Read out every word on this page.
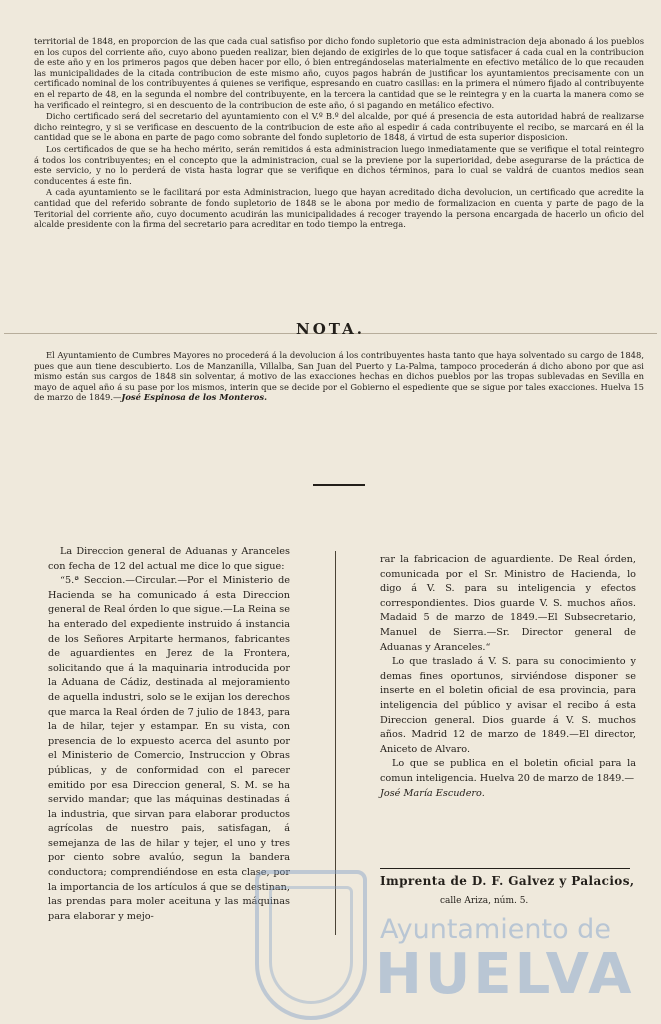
territorial de 1848, en proporcion de las que cada cual satisfiso por dicho fondo supletorio que esta administracion deja abonado á los pueblos en los cupos del corriente año, cuyo abono pueden realizar, bien dejando de exigirles de lo que toque satisfacer á cada cual en la contribucion de este año y en los primeros pagos que deben hacer por ello, ó bien entregándoselas materialmente en efectivo metálico de lo que recauden las municipalidades de la citada contribucion de este mismo año, cuyos pagos habrán de justificar los ayuntamientos precisamente con un certificado nominal de los contribuyentes á quienes se verifique, espresando en cuatro casillas: en la primera el número fijado al contribuyente en el reparto de 48, en la segunda el nombre del contribuyente, en la tercera la cantidad que se le reintegra y en la cuarta la manera como se ha verificado el reintegro, si en descuento de la contribucion de este año, ó si pagando en metálico efectivo.

Dicho certificado será del secretario del ayuntamiento con el V.º B.º del alcalde, por qué á presencia de esta autoridad habrá de realizarse dicho reintegro, y si se verificase en descuento de la contribucion de este año al espedir á cada contribuyente el recibo, se marcará en él la cantidad que se le abona en parte de pago como sobrante del fondo supletorio de 1848, á virtud de esta superior disposicion.

Los certificados de que se ha hecho mérito, serán remitidos á esta administracion luego inmediatamente que se verifique el total reintegro á todos los contribuyentes; en el concepto que la administracion, cual se la previene por la superioridad, debe asegurarse de la práctica de este servicio, y no lo perderá de vista hasta lograr que se verifique en dichos términos, para lo cual se valdrá de cuantos medios sean conducentes á este fin.

A cada ayuntamiento se le facilitará por esta Administracion, luego que hayan acreditado dicha devolucion, un certificado que acredite la cantidad que del referido sobrante de fondo supletorio de 1848 se le abona por medio de formalizacion en cuenta y parte de pago de la Teritorial del corriente año, cuyo documento acudirán las municipalidades á recoger trayendo la persona encargada de hacerlo un oficio del alcalde presidente con la firma del secretario para acreditar en todo tiempo la entrega.

NOTA.

El Ayuntamiento de Cumbres Mayores no procederá á la devolucion á los contribuyentes hasta tanto que haya solventado su cargo de 1848, pues que aun tiene descubierto. Los de Manzanilla, Villalba, San Juan del Puerto y La-Palma, tampoco procederán á dicho abono por que asi mismo están sus cargos de 1848 sin solventar, á motivo de las exacciones hechas en dichos pueblos por las tropas sublevadas en Sevilla en mayo de aquel año á su pase por los mismos, interin que se decide por el Gobierno el espediente que se sigue por tales exacciones. Huelva 15 de marzo de 1849.—José Espinosa de los Monteros.

La Direccion general de Aduanas y Aranceles con fecha de 12 del actual me dice lo que sigue:

“5.ª Seccion.—Circular.—Por el Ministerio de Hacienda se ha comunicado á esta Direccion general de Real órden lo que sigue.—La Reina se ha enterado del expediente instruido á instancia de los Señores Arpitarte hermanos, fabricantes de aguardientes en Jerez de la Frontera, solicitando que á la maquinaria introducida por la Aduana de Cádiz, destinada al mejoramiento de aquella industri, solo se le exijan los derechos que marca la Real órden de 7 julio de 1843, para la de hilar, tejer y estampar. En su vista, con presencia de lo expuesto acerca del asunto por el Ministerio de Comercio, Instruccion y Obras públicas, y de conformidad con el parecer emitido por esa Direccion general, S. M. se ha servido mandar; que las máquinas destinadas á la industria, que sirvan para elaborar productos agrícolas de nuestro pais, satisfagan, á semejanza de las de hilar y tejer, el uno y tres por ciento sobre avalúo, segun la bandera conductora; comprendiéndose en esta clase, por la importancia de los artículos á que se destinan, las prendas para moler aceituna y las máquinas para elaborar y mejo-

rar la fabricacion de aguardiente. De Real órden, comunicada por el Sr. Ministro de Hacienda, lo digo á V. S. para su inteligencia y efectos correspondientes. Dios guarde V. S. muchos años. Madaid 5 de marzo de 1849.—El Subsecretario, Manuel de Sierra.—Sr. Director general de Aduanas y Aranceles.“

Lo que traslado á V. S. para su conocimiento y demas fines oportunos, sirviéndose disponer se inserte en el boletin oficial de esa provincia, para inteligencia del público y avisar el recibo á esta Direccion general. Dios guarde á V. S. muchos años. Madrid 12 de marzo de 1849.—El director, Aniceto de Alvaro.

Lo que se publica en el boletin oficial para la comun inteligencia. Huelva 20 de marzo de 1849.—
José María Escudero.

Imprenta de D. F. Galvez y Palacios,
calle Ariza, núm. 5.
Ayuntamiento de
HUELVA
